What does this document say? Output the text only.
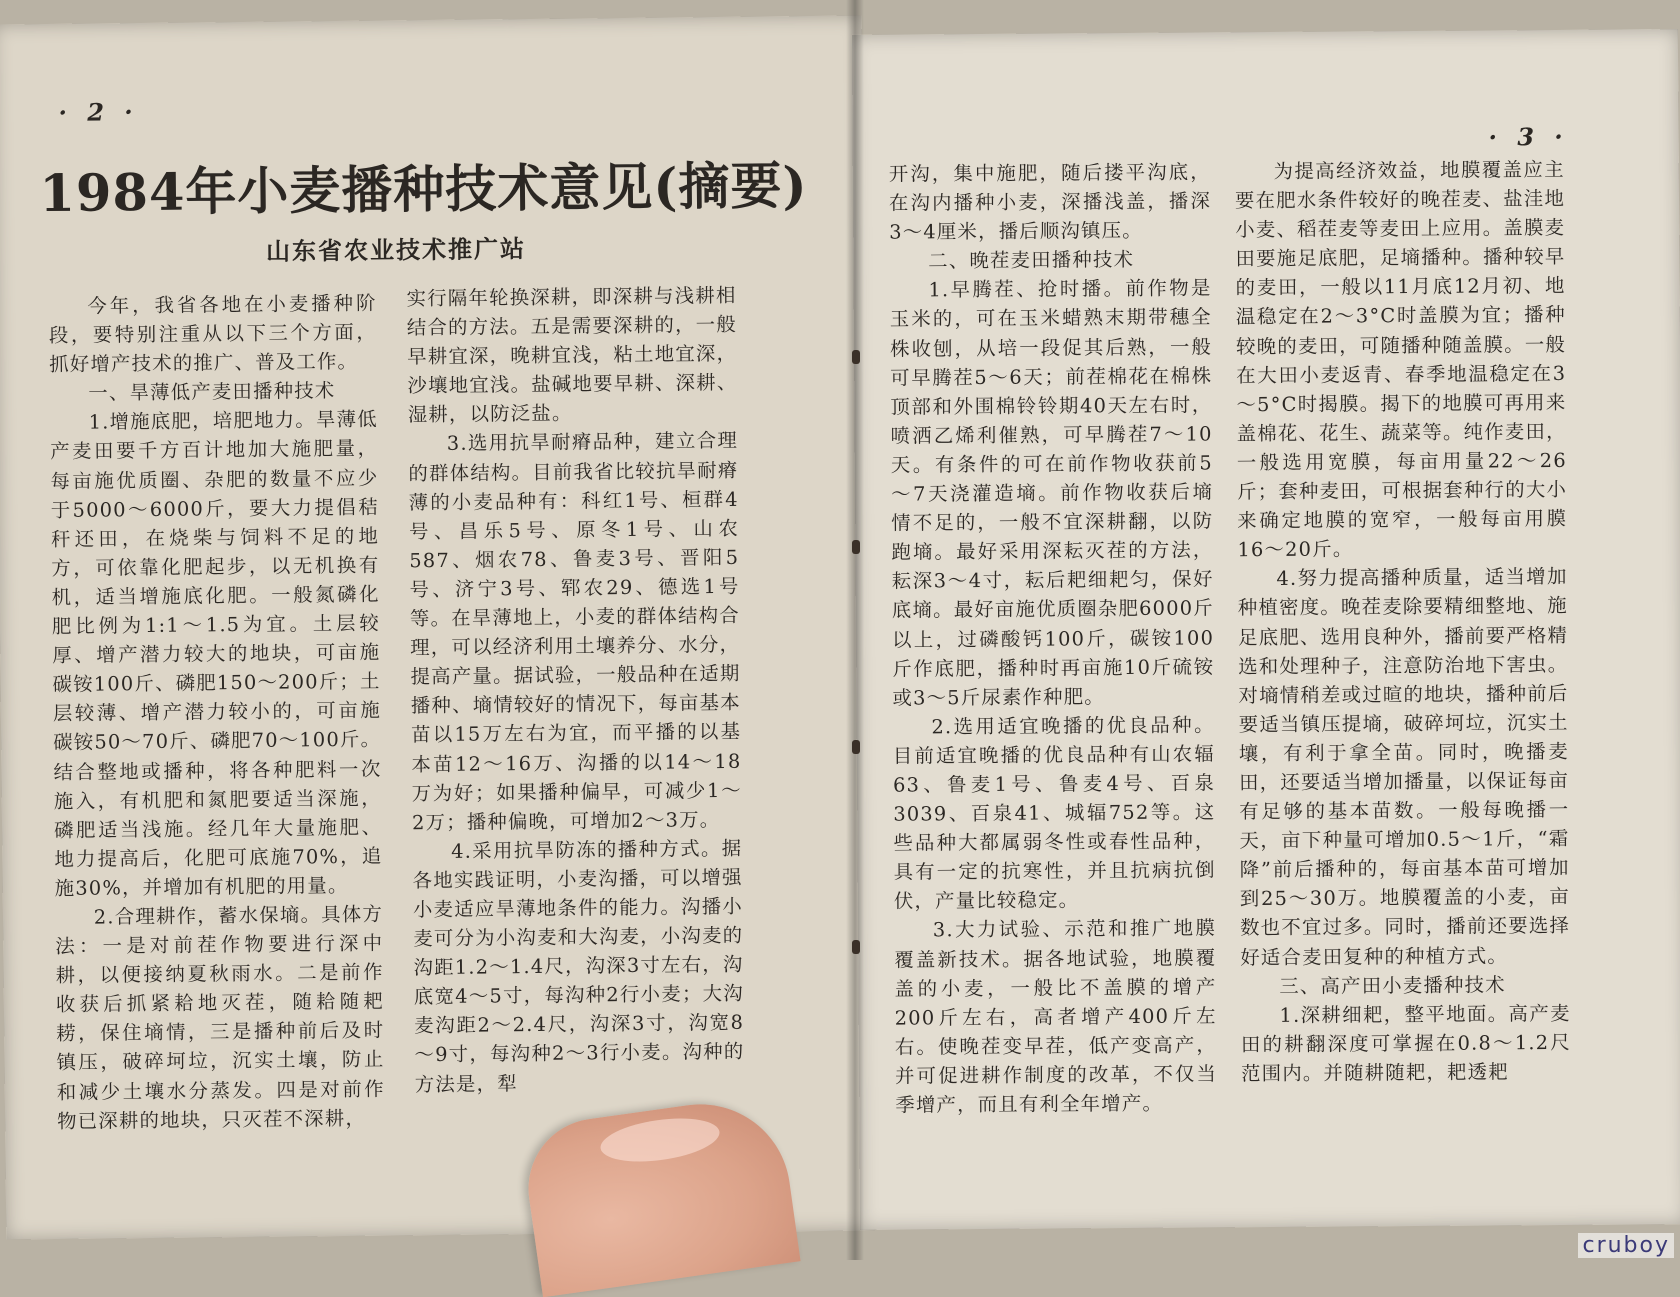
· 2 ·
1984年小麦播种技术意见(摘要)
山东省农业技术推广站

今年，我省各地在小麦播种阶段，要特别注重从以下三个方面，抓好增产技术的推广、普及工作。

一、旱薄低产麦田播种技术

1.增施底肥，培肥地力。旱薄低产麦田要千方百计地加大施肥量，每亩施优质圈、杂肥的数量不应少于5000～6000斤，要大力提倡秸秆还田，在烧柴与饲料不足的地方，可依靠化肥起步，以无机换有机，适当增施底化肥。一般氮磷化肥比例为1:1～1.5为宜。土层较厚、增产潜力较大的地块，可亩施碳铵100斤、磷肥150～200斤；土层较薄、增产潜力较小的，可亩施碳铵50～70斤、磷肥70～100斤。结合整地或播种，将各种肥料一次施入，有机肥和氮肥要适当深施，磷肥适当浅施。经几年大量施肥、地力提高后，化肥可底施70%，追施30%，并增加有机肥的用量。

2.合理耕作，蓄水保墒。具体方法：一是对前茬作物要进行深中耕，以便接纳夏秋雨水。二是前作收获后抓紧耠地灭茬，随耠随耙耢，保住墒情，三是播种前后及时镇压，破碎坷垃，沉实土壤，防止和减少土壤水分蒸发。四是对前作物已深耕的地块，只灭茬不深耕，

实行隔年轮换深耕，即深耕与浅耕相结合的方法。五是需要深耕的，一般早耕宜深，晚耕宜浅，粘土地宜深，沙壤地宜浅。盐碱地要早耕、深耕、湿耕，以防泛盐。

3.选用抗旱耐瘠品种，建立合理的群体结构。目前我省比较抗旱耐瘠薄的小麦品种有：科红1号、桓群4号、昌乐5号、原冬1号、山农587、烟农78、鲁麦3号、晋阳5号、济宁3号、郓农29、德选1号等。在旱薄地上，小麦的群体结构合理，可以经济利用土壤养分、水分，提高产量。据试验，一般品种在适期播种、墒情较好的情况下，每亩基本苗以15万左右为宜，而平播的以基本苗12～16万、沟播的以14～18万为好；如果播种偏早，可减少1～2万；播种偏晚，可增加2～3万。

4.采用抗旱防冻的播种方式。据各地实践证明，小麦沟播，可以增强小麦适应旱薄地条件的能力。沟播小麦可分为小沟麦和大沟麦，小沟麦的沟距1.2～1.4尺，沟深3寸左右，沟底宽4～5寸，每沟种2行小麦；大沟麦沟距2～2.4尺，沟深3寸，沟宽8～9寸，每沟种2～3行小麦。沟种的方法是，犁

· 3 ·

开沟，集中施肥，随后搂平沟底，在沟内播种小麦，深播浅盖，播深3～4厘米，播后顺沟镇压。

二、晚茬麦田播种技术

1.早腾茬、抢时播。前作物是玉米的，可在玉米蜡熟末期带穗全株收刨，从培一段促其后熟，一般可早腾茬5～6天；前茬棉花在棉株顶部和外围棉铃铃期40天左右时，喷洒乙烯利催熟，可早腾茬7～10天。有条件的可在前作物收获前5～7天浇灌造墒。前作物收获后墒情不足的，一般不宜深耕翻，以防跑墒。最好采用深耘灭茬的方法，耘深3～4寸，耘后耙细耙匀，保好底墒。最好亩施优质圈杂肥6000斤以上，过磷酸钙100斤，碳铵100斤作底肥，播种时再亩施10斤硫铵或3～5斤尿素作种肥。

2.选用适宜晚播的优良品种。目前适宜晚播的优良品种有山农辐63、鲁麦1号、鲁麦4号、百泉3039、百泉41、城辐752等。这些品种大都属弱冬性或春性品种，具有一定的抗寒性，并且抗病抗倒伏，产量比较稳定。

3.大力试验、示范和推广地膜覆盖新技术。据各地试验，地膜覆盖的小麦，一般比不盖膜的增产200斤左右，高者增产400斤左右。使晚茬变早茬，低产变高产，并可促进耕作制度的改革，不仅当季增产，而且有利全年增产。

为提高经济效益，地膜覆盖应主要在肥水条件较好的晚茬麦、盐洼地小麦、稻茬麦等麦田上应用。盖膜麦田要施足底肥，足墒播种。播种较早的麦田，一般以11月底12月初、地温稳定在2～3°C时盖膜为宜；播种较晚的麦田，可随播种随盖膜。一般在大田小麦返青、春季地温稳定在3～5°C时揭膜。揭下的地膜可再用来盖棉花、花生、蔬菜等。纯作麦田，一般选用宽膜，每亩用量22～26斤；套种麦田，可根据套种行的大小来确定地膜的宽窄，一般每亩用膜16～20斤。

4.努力提高播种质量，适当增加种植密度。晚茬麦除要精细整地、施足底肥、选用良种外，播前要严格精选和处理种子，注意防治地下害虫。对墒情稍差或过暄的地块，播种前后要适当镇压提墒，破碎坷垃，沉实土壤，有利于拿全苗。同时，晚播麦田，还要适当增加播量，以保证每亩有足够的基本苗数。一般每晚播一天，亩下种量可增加0.5～1斤，“霜降”前后播种的，每亩基本苗可增加到25～30万。地膜覆盖的小麦，亩数也不宜过多。同时，播前还要选择好适合麦田复种的种植方式。

三、高产田小麦播种技术

1.深耕细耙，整平地面。高产麦田的耕翻深度可掌握在0.8～1.2尺范围内。并随耕随耙，耙透耙

cruboy
